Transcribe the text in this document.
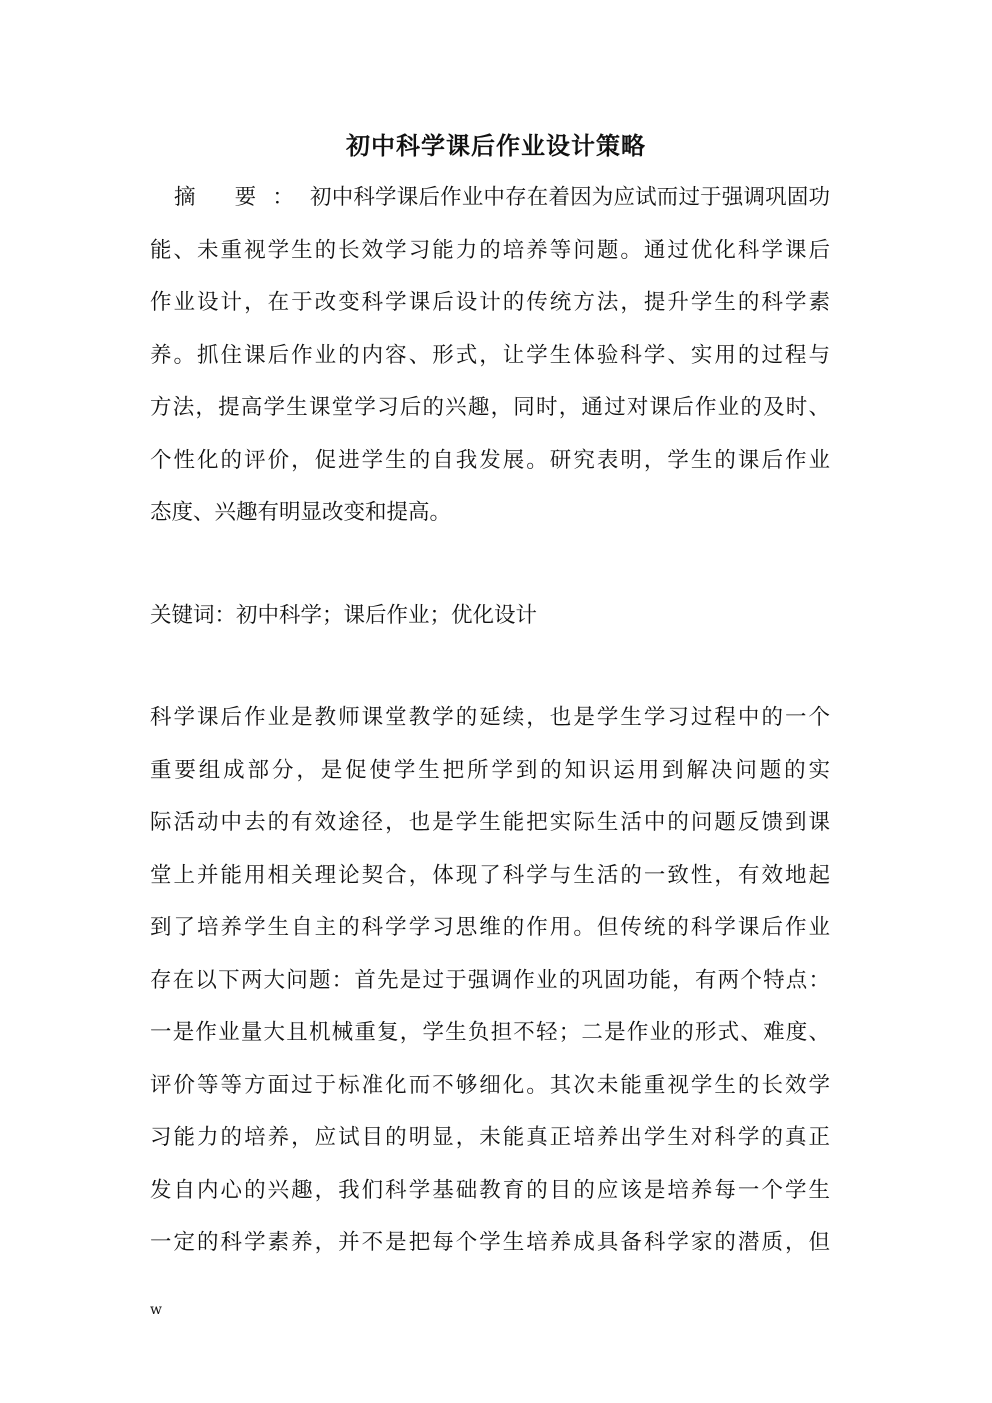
初中科学课后作业设计策略
摘 要：初中科学课后作业中存在着因为应试而过于强调巩固功
能、未重视学生的长效学习能力的培养等问题。通过优化科学课后
作业设计，在于改变科学课后设计的传统方法，提升学生的科学素
养。抓住课后作业的内容、形式，让学生体验科学、实用的过程与
方法，提高学生课堂学习后的兴趣，同时，通过对课后作业的及时、
个性化的评价，促进学生的自我发展。研究表明，学生的课后作业
态度、兴趣有明显改变和提高。
关键词：初中科学；课后作业；优化设计
科学课后作业是教师课堂教学的延续，也是学生学习过程中的一个
重要组成部分，是促使学生把所学到的知识运用到解决问题的实
际活动中去的有效途径，也是学生能把实际生活中的问题反馈到课
堂上并能用相关理论契合，体现了科学与生活的一致性，有效地起
到了培养学生自主的科学学习思维的作用。但传统的科学课后作业
存在以下两大问题：首先是过于强调作业的巩固功能，有两个特点：
一是作业量大且机械重复，学生负担不轻；二是作业的形式、难度、
评价等等方面过于标准化而不够细化。其次未能重视学生的长效学
习能力的培养，应试目的明显，未能真正培养出学生对科学的真正
发自内心的兴趣，我们科学基础教育的目的应该是培养每一个学生
一定的科学素养，并不是把每个学生培养成具备科学家的潜质，但
w
